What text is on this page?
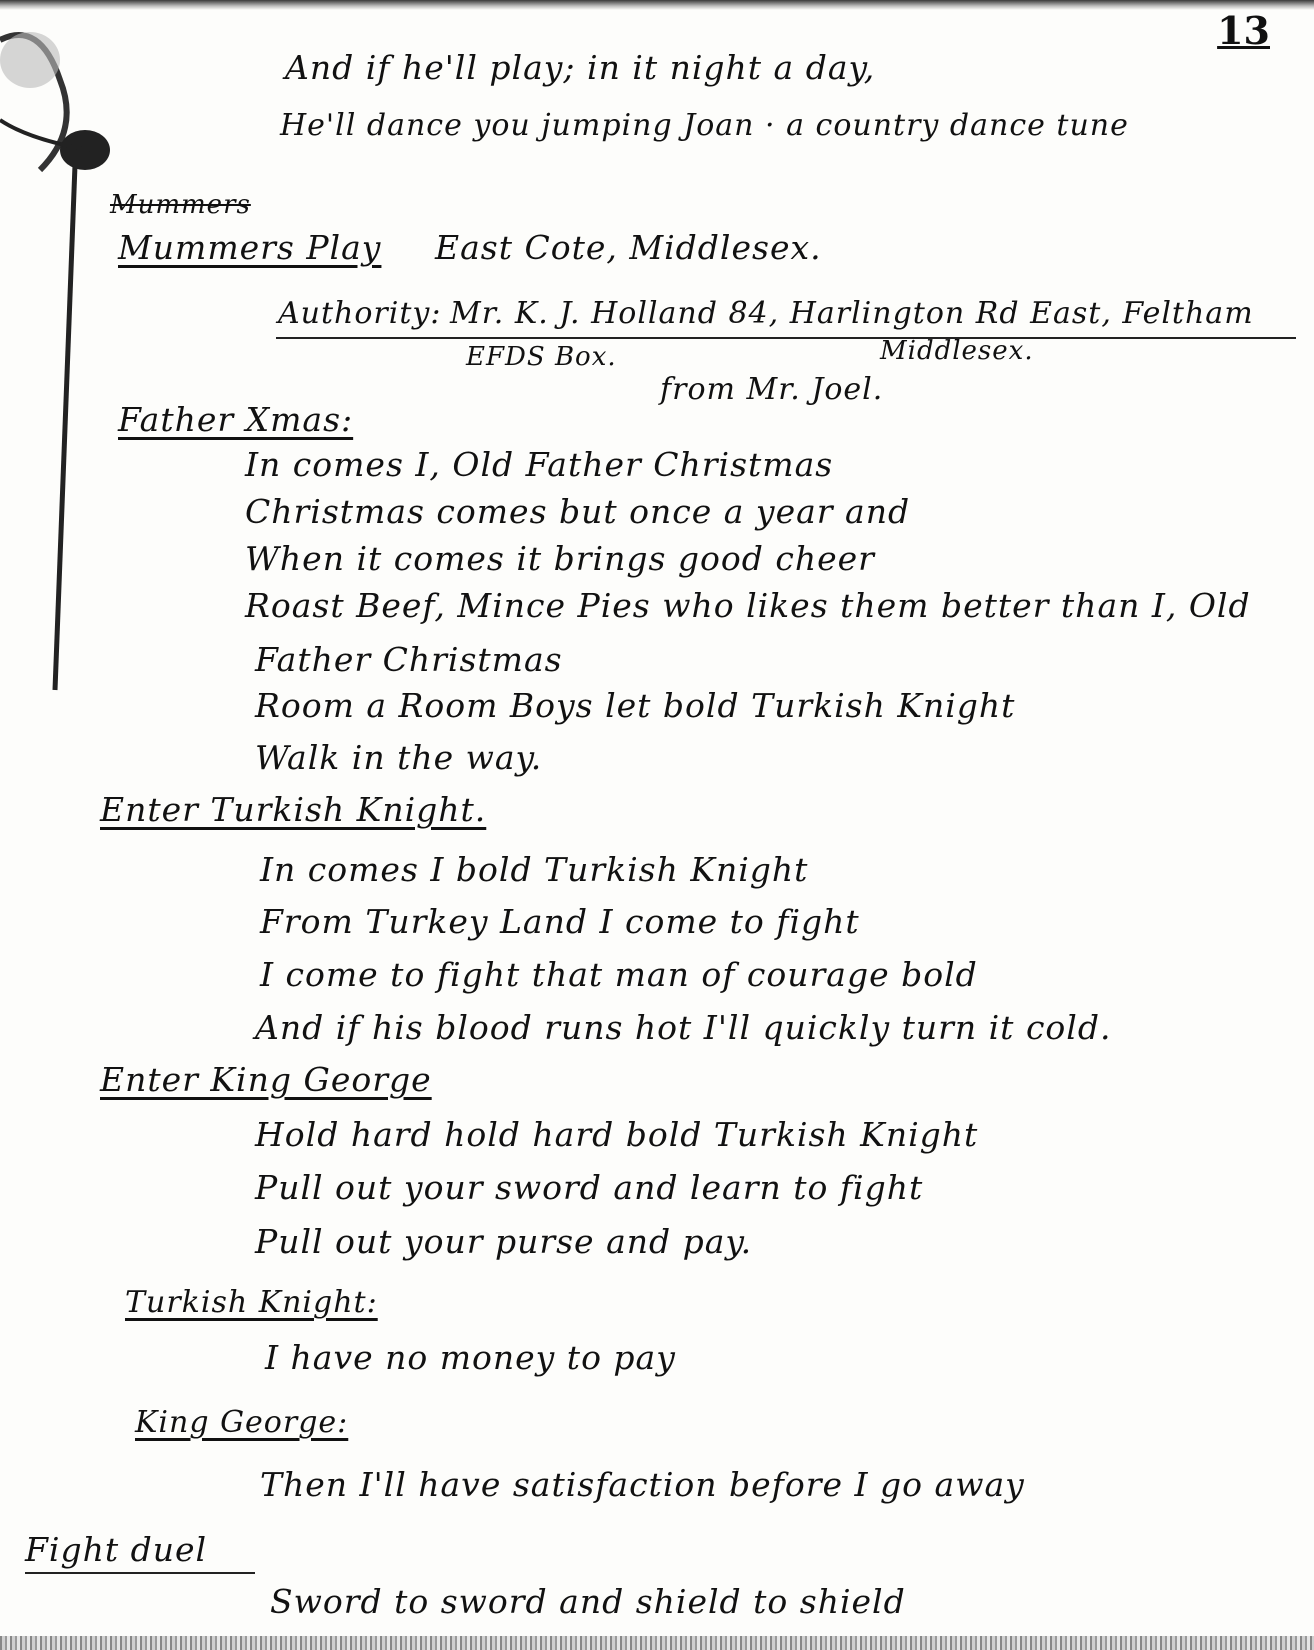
13
And if he'll play; in it night a day,
He'll dance you jumping Joan · a country dance tune
Mummers
Mummers Play East Cote, Middlesex.
Authority: Mr. K. J. Holland 84, Harlington Rd East, Feltham
Middlesex.
EFDS Box.
from Mr. Joel.
Father Xmas:
In comes I, Old Father Christmas
Christmas comes but once a year and
When it comes it brings good cheer
Roast Beef, Mince Pies who likes them better than I, Old
Father Christmas
Room a Room Boys let bold Turkish Knight
Walk in the way.
Enter Turkish Knight.
In comes I bold Turkish Knight
From Turkey Land I come to fight
I come to fight that man of courage bold
And if his blood runs hot I'll quickly turn it cold.
Enter King George
Hold hard hold hard bold Turkish Knight
Pull out your sword and learn to fight
Pull out your purse and pay.
Turkish Knight:
I have no money to pay
King George:
Then I'll have satisfaction before I go away
Fight duel
Sword to sword and shield to shield
